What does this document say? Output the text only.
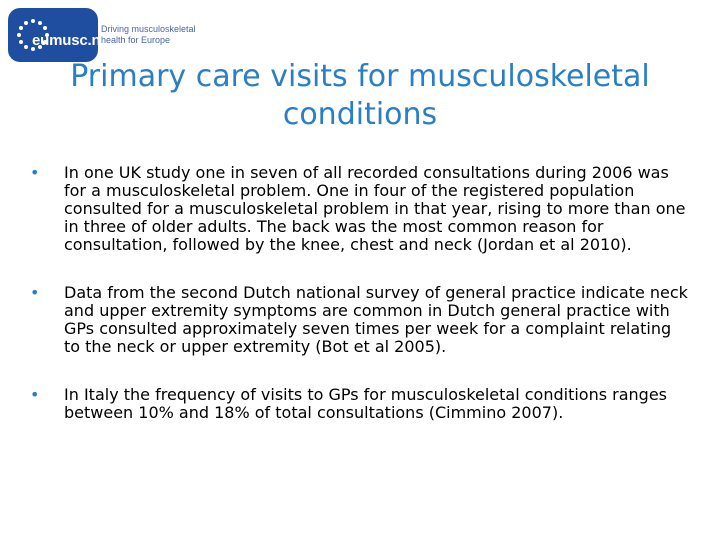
eumusc.net
Driving musculoskeletal
health for Europe
Primary care visits for musculoskeletal
conditions
• In one UK study one in seven of all recorded consultations during 2006 was for a musculoskeletal problem. One in four of the registered population consulted for a musculoskeletal problem in that year, rising to more than one in three of older adults. The back was the most common reason for consultation, followed by the knee, chest and neck (Jordan et al 2010).
• Data from the second Dutch national survey of general practice indicate neck and upper extremity symptoms are common in Dutch general practice with GPs consulted approximately seven times per week for a complaint relating to the neck or upper extremity (Bot et al 2005).
• In Italy the frequency of visits to GPs for musculoskeletal conditions ranges between 10% and 18% of total consultations (Cimmino 2007).
